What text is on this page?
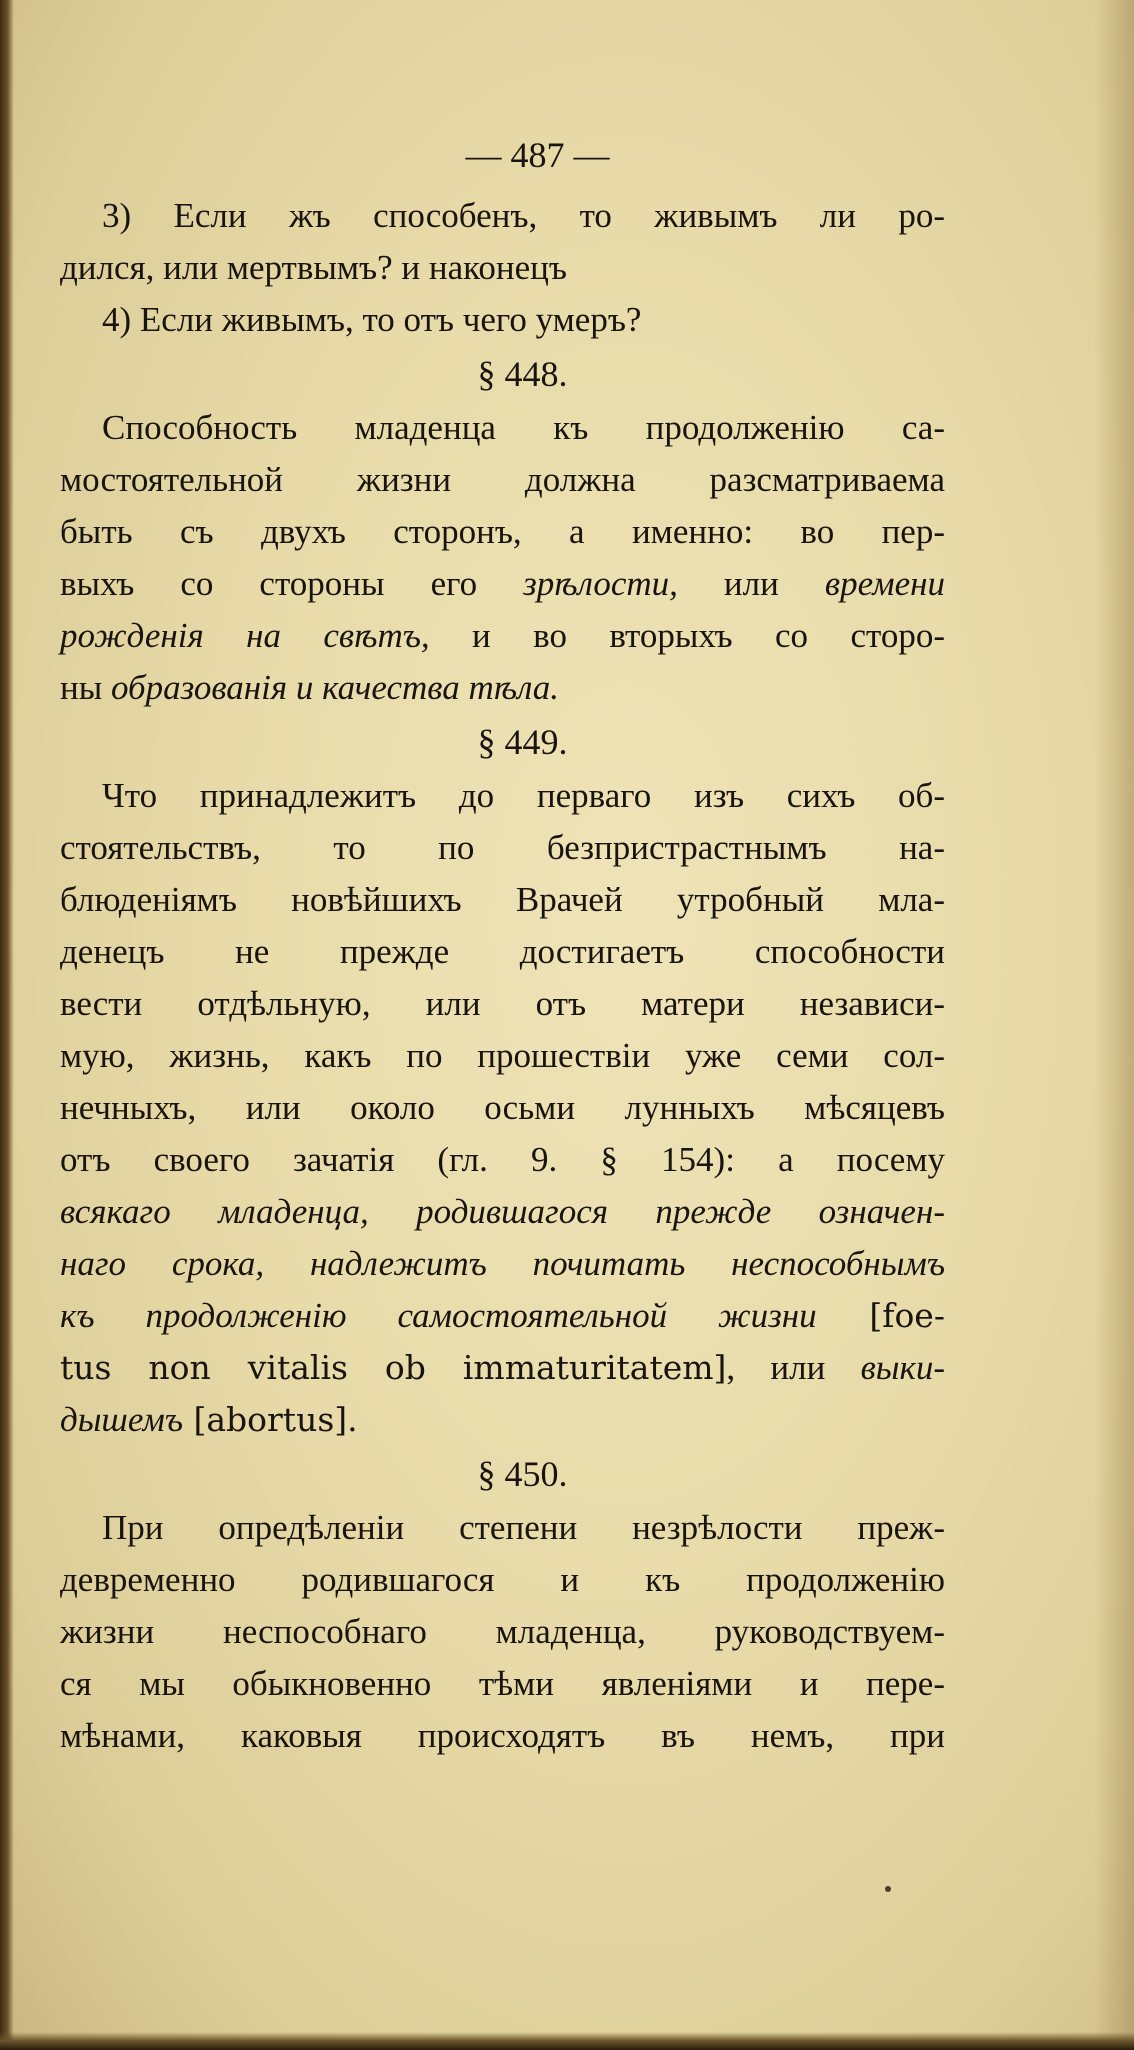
— 487 —
3) Если жъ способенъ, то живымъ ли ро-
дился, или мертвымъ? и наконецъ
4) Если живымъ, то отъ чего умеръ?
§ 448.
Способность младенца къ продолженію са-
мостоятельной жизни должна разсматриваема
быть съ двухъ сторонъ, а именно: во пер-
выхъ со стороны его зрѣлости, или времени
рожденія на свѣтъ, и во вторыхъ со сторо-
ны образованія и качества тѣла.
§ 449.
Что принадлежитъ до перваго изъ сихъ об-
стоятельствъ, то по безпристрастнымъ на-
блюденіямъ новѣйшихъ Врачей утробный мла-
денецъ не прежде достигаетъ способности
вести отдѣльную, или отъ матери независи-
мую, жизнь, какъ по прошествіи уже семи сол-
нечныхъ, или около осьми лунныхъ мѣсяцевъ
отъ своего зачатія (гл. 9. § 154): а посему
всякаго младенца, родившагося прежде означен-
наго срока, надлежитъ почитать неспособнымъ
къ продолженію самостоятельной жизни [foe-
tus non vitalis ob immaturitatem], или выки-
дышемъ [abortus].
§ 450.
При опредѣленіи степени незрѣлости преж-
девременно родившагося и къ продолженію
жизни неспособнаго младенца, руководствуем-
ся мы обыкновенно тѣми явленіями и пере-
мѣнами, каковыя происходятъ въ немъ, при
